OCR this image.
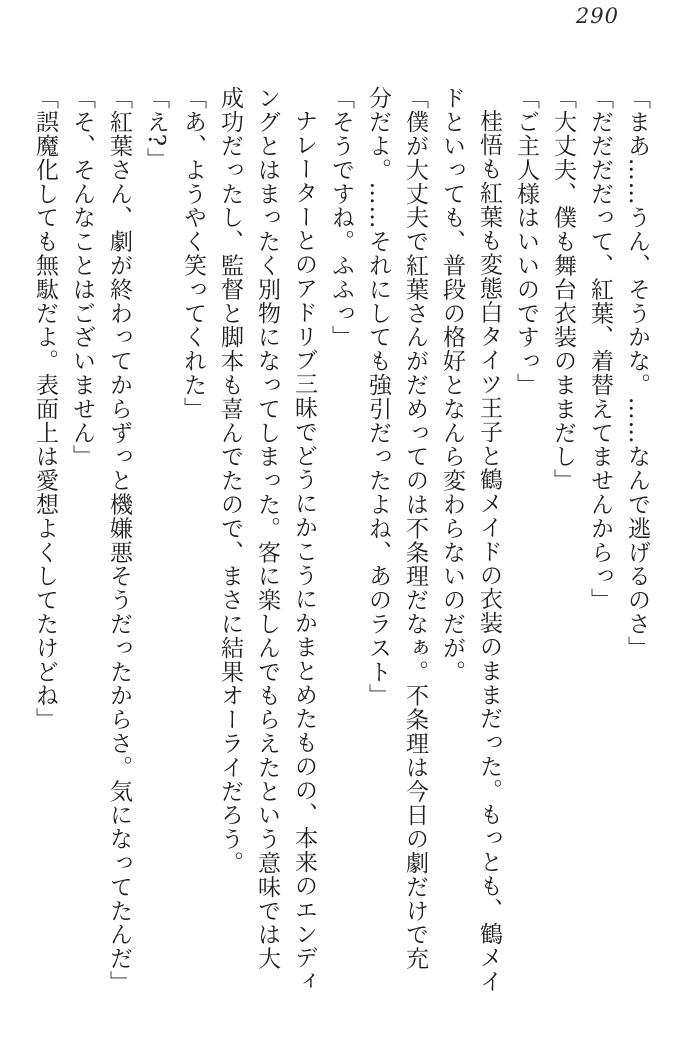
290

「まあ……うん、そうかな。……なんで逃げるのさ」

「だだだだって、紅葉、着替えてませんからっ」

「大丈夫、僕も舞台衣装のままだし」

「ご主人様はいいのですっ」

桂悟も紅葉も変態白タイツ王子と鶴メイドの衣装のままだった。もっとも、鶴メイドといっても、普段の格好となんら変わらないのだが。

「僕が大丈夫で紅葉さんがだめってのは不条理だなぁ。不条理は今日の劇だけで充分だよ。……それにしても強引だったよね、あのラスト」

「そうですね。ふふっ」

ナレーターとのアドリブ三昧でどうにかこうにかまとめたものの、本来のエンディングとはまったく別物になってしまった。客に楽しんでもらえたという意味では大成功だったし、監督と脚本も喜んでたので、まさに結果オーライだろう。

「あ、ようやく笑ってくれた」

「え?」

「紅葉さん、劇が終わってからずっと機嫌悪そうだったからさ。気になってたんだ」

「そ、そんなことはございません」

「誤魔化しても無駄だよ。表面上は愛想よくしてたけどね」
